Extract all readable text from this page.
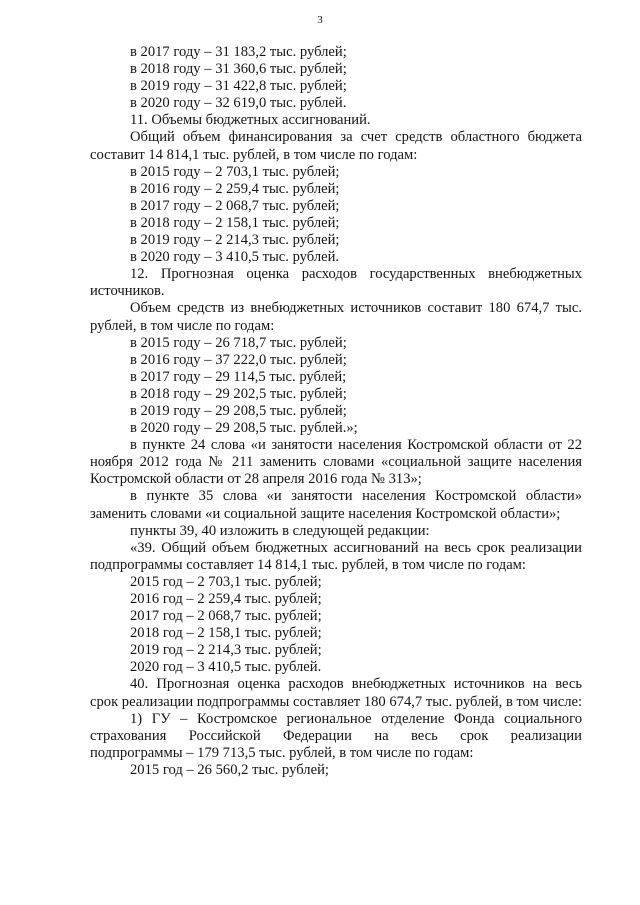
3

в 2017 году – 31 183,2 тыс. рублей;

в 2018 году – 31 360,6 тыс. рублей;

в 2019 году – 31 422,8 тыс. рублей;

в 2020 году – 32 619,0 тыс. рублей.

11. Объемы бюджетных ассигнований.

Общий объем финансирования за счет средств областного бюджета составит 14 814,1 тыс. рублей, в том числе по годам:

в 2015 году – 2 703,1 тыс. рублей;

в 2016 году – 2 259,4 тыс. рублей;

в 2017 году – 2 068,7 тыс. рублей;

в 2018 году – 2 158,1 тыс. рублей;

в 2019 году – 2 214,3 тыс. рублей;

в 2020 году – 3 410,5 тыс. рублей.

12. Прогнозная оценка расходов государственных внебюджетных источников.

Объем средств из внебюджетных источников составит 180 674,7 тыс. рублей, в том числе по годам:

в 2015 году – 26 718,7 тыс. рублей;

в 2016 году – 37 222,0 тыс. рублей;

в 2017 году – 29 114,5 тыс. рублей;

в 2018 году – 29 202,5 тыс. рублей;

в 2019 году – 29 208,5 тыс. рублей;

в 2020 году – 29 208,5 тыс. рублей.»;

в пункте 24 слова «и занятости населения Костромской области от 22 ноября 2012 года № 211 заменить словами «социальной защите населения Костромской области от 28 апреля 2016 года № 313»;

в пункте 35 слова «и занятости населения Костромской области» заменить словами «и социальной защите населения Костромской области»;

пункты 39, 40 изложить в следующей редакции:

«39. Общий объем бюджетных ассигнований на весь срок реализации подпрограммы составляет 14 814,1 тыс. рублей, в том числе по годам:

2015 год – 2 703,1 тыс. рублей;

2016 год – 2 259,4 тыс. рублей;

2017 год – 2 068,7 тыс. рублей;

2018 год – 2 158,1 тыс. рублей;

2019 год – 2 214,3 тыс. рублей;

2020 год – 3 410,5 тыс. рублей.

40. Прогнозная оценка расходов внебюджетных источников на весь срок реализации подпрограммы составляет 180 674,7 тыс. рублей, в том числе:

1) ГУ – Костромское региональное отделение Фонда социального

страхования Российской Федерации на весь срок реализации

подпрограммы – 179 713,5 тыс. рублей, в том числе по годам:

2015 год – 26 560,2 тыс. рублей;
